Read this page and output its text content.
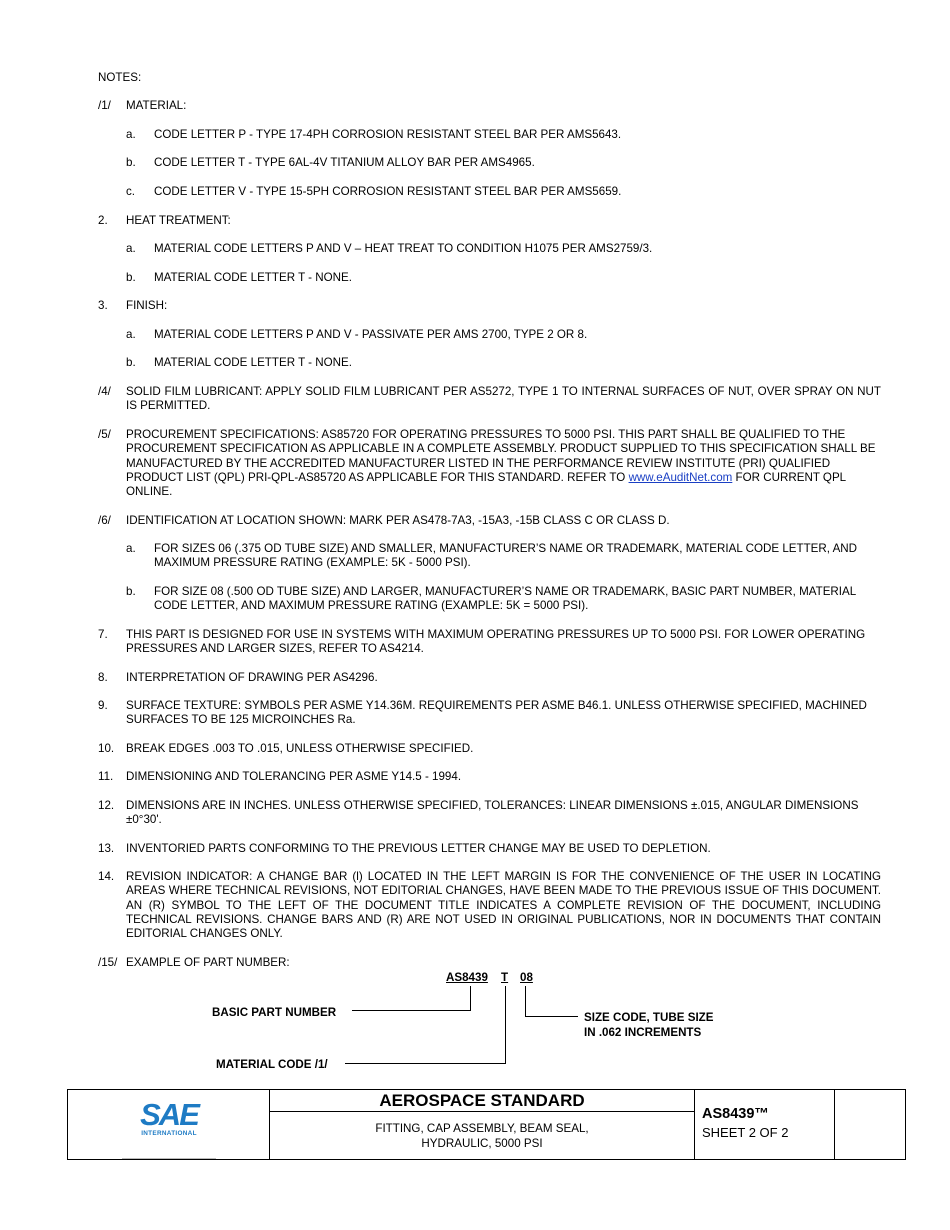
NOTES:
/1/ MATERIAL:
a. CODE LETTER P - TYPE 17-4PH CORROSION RESISTANT STEEL BAR PER AMS5643.
b. CODE LETTER T - TYPE 6AL-4V TITANIUM ALLOY BAR PER AMS4965.
c. CODE LETTER V - TYPE 15-5PH CORROSION RESISTANT STEEL BAR PER AMS5659.
2. HEAT TREATMENT:
a. MATERIAL CODE LETTERS P AND V – HEAT TREAT TO CONDITION H1075 PER AMS2759/3.
b. MATERIAL CODE LETTER T - NONE.
3. FINISH:
a. MATERIAL CODE LETTERS P AND V - PASSIVATE PER AMS 2700, TYPE 2 OR 8.
b. MATERIAL CODE LETTER T - NONE.
/4/ SOLID FILM LUBRICANT: APPLY SOLID FILM LUBRICANT PER AS5272, TYPE 1 TO INTERNAL SURFACES OF NUT, OVER SPRAY ON NUT IS PERMITTED.
/5/ PROCUREMENT SPECIFICATIONS: AS85720 FOR OPERATING PRESSURES TO 5000 PSI. THIS PART SHALL BE QUALIFIED TO THE PROCUREMENT SPECIFICATION AS APPLICABLE IN A COMPLETE ASSEMBLY. PRODUCT SUPPLIED TO THIS SPECIFICATION SHALL BE MANUFACTURED BY THE ACCREDITED MANUFACTURER LISTED IN THE PERFORMANCE REVIEW INSTITUTE (PRI) QUALIFIED PRODUCT LIST (QPL) PRI-QPL-AS85720 AS APPLICABLE FOR THIS STANDARD. REFER TO www.eAuditNet.com FOR CURRENT QPL ONLINE.
/6/ IDENTIFICATION AT LOCATION SHOWN: MARK PER AS478-7A3, -15A3, -15B CLASS C OR CLASS D.
a. FOR SIZES 06 (.375 OD TUBE SIZE) AND SMALLER, MANUFACTURER’S NAME OR TRADEMARK, MATERIAL CODE LETTER, AND MAXIMUM PRESSURE RATING (EXAMPLE: 5K - 5000 PSI).
b. FOR SIZE 08 (.500 OD TUBE SIZE) AND LARGER, MANUFACTURER’S NAME OR TRADEMARK, BASIC PART NUMBER, MATERIAL CODE LETTER, AND MAXIMUM PRESSURE RATING (EXAMPLE: 5K = 5000 PSI).
7. THIS PART IS DESIGNED FOR USE IN SYSTEMS WITH MAXIMUM OPERATING PRESSURES UP TO 5000 PSI. FOR LOWER OPERATING PRESSURES AND LARGER SIZES, REFER TO AS4214.
8. INTERPRETATION OF DRAWING PER AS4296.
9. SURFACE TEXTURE: SYMBOLS PER ASME Y14.36M. REQUIREMENTS PER ASME B46.1. UNLESS OTHERWISE SPECIFIED, MACHINED SURFACES TO BE 125 MICROINCHES Ra.
10. BREAK EDGES .003 TO .015, UNLESS OTHERWISE SPECIFIED.
11. DIMENSIONING AND TOLERANCING PER ASME Y14.5 - 1994.
12. DIMENSIONS ARE IN INCHES. UNLESS OTHERWISE SPECIFIED, TOLERANCES: LINEAR DIMENSIONS ±.015, ANGULAR DIMENSIONS ±0°30'.
13. INVENTORIED PARTS CONFORMING TO THE PREVIOUS LETTER CHANGE MAY BE USED TO DEPLETION.
14. REVISION INDICATOR: A CHANGE BAR (l) LOCATED IN THE LEFT MARGIN IS FOR THE CONVENIENCE OF THE USER IN LOCATING AREAS WHERE TECHNICAL REVISIONS, NOT EDITORIAL CHANGES, HAVE BEEN MADE TO THE PREVIOUS ISSUE OF THIS DOCUMENT. AN (R) SYMBOL TO THE LEFT OF THE DOCUMENT TITLE INDICATES A COMPLETE REVISION OF THE DOCUMENT, INCLUDING TECHNICAL REVISIONS. CHANGE BARS AND (R) ARE NOT USED IN ORIGINAL PUBLICATIONS, NOR IN DOCUMENTS THAT CONTAIN EDITORIAL CHANGES ONLY.
/15/ EXAMPLE OF PART NUMBER:
AS8439 T 08
BASIC PART NUMBER	SIZE CODE, TUBE SIZE
IN .062 INCREMENTS
MATERIAL CODE /1/
SAE
INTERNATIONAL
AEROSPACE STANDARD
FITTING, CAP ASSEMBLY, BEAM SEAL,
HYDRAULIC, 5000 PSI
AS8439™
SHEET 2 OF 2
